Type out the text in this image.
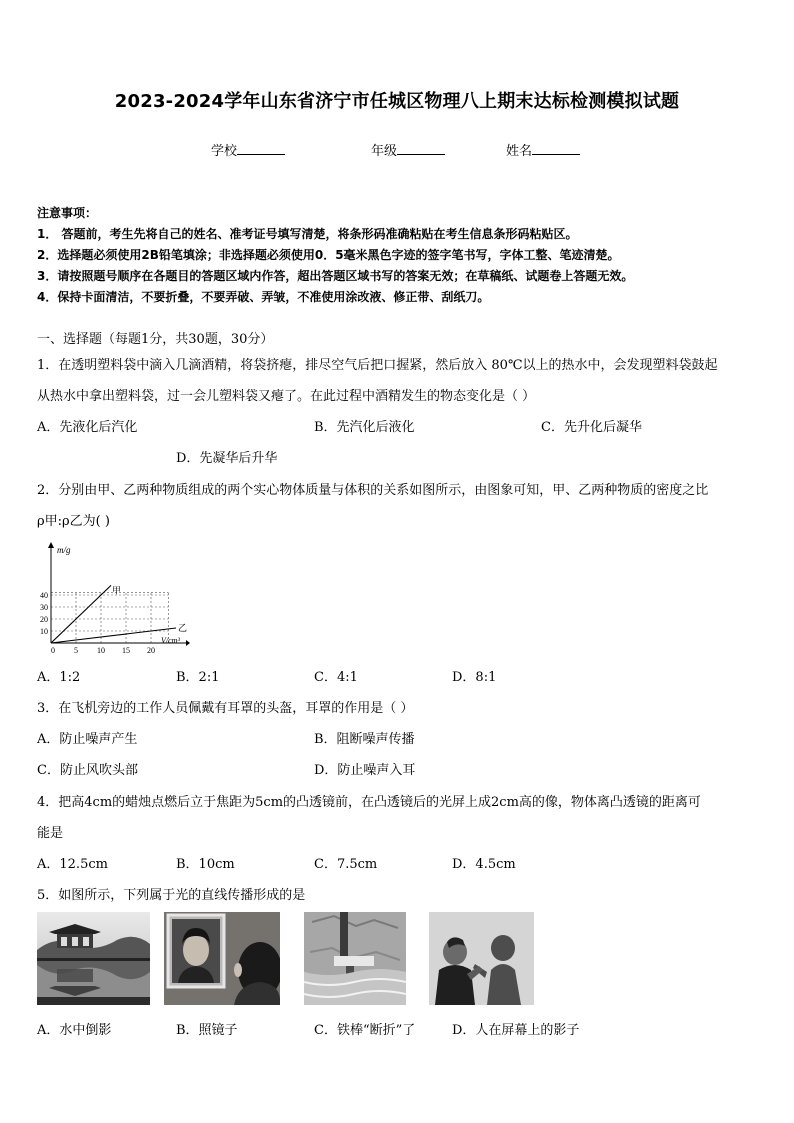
2023-2024学年山东省济宁市任城区物理八上期末达标检测模拟试题
学校	年级	姓名
注意事项：
1． 答题前，考生先将自己的姓名、准考证号填写清楚，将条形码准确粘贴在考生信息条形码粘贴区。
2．选择题必须使用2B铅笔填涂；非选择题必须使用0．5毫米黑色字迹的签字笔书写，字体工整、笔迹清楚。
3．请按照题号顺序在各题目的答题区域内作答，超出答题区域书写的答案无效；在草稿纸、试题卷上答题无效。
4．保持卡面清洁，不要折叠，不要弄破、弄皱，不准使用涂改液、修正带、刮纸刀。
一、选择题（每题1分，共30题，30分）
1．在透明塑料袋中滴入几滴酒精，将袋挤瘪，排尽空气后把口握紧，然后放入 80℃以上的热水中，会发现塑料袋鼓起
从热水中拿出塑料袋，过一会儿塑料袋又瘪了。在此过程中酒精发生的物态变化是（ ）
A．先液化后汽化	B．先汽化后液化	C．先升化后凝华
D．先凝华后升华
2．分别由甲、乙两种物质组成的两个实心物体质量与体积的关系如图所示，由图象可知，甲、乙两种物质的密度之比
ρ甲:ρ乙为( )
10
20
30
40
0 5 10 15 20
m/g
V/cm³
甲
乙
A．1:2	B．2:1	C．4:1	D．8:1
3．在飞机旁边的工作人员佩戴有耳罩的头盔，耳罩的作用是（ ）
A．防止噪声产生	B．阻断噪声传播
C．防止风吹头部	D．防止噪声入耳
4．把高4cm的蜡烛点燃后立于焦距为5cm的凸透镜前，在凸透镜后的光屏上成2cm高的像，物体离凸透镜的距离可
能是
A．12.5cm	B．10cm	C．7.5cm	D．4.5cm
5．如图所示，下列属于光的直线传播形成的是
A．水中倒影	B．照镜子	C．铁棒“断折”了	D．人在屏幕上的影子
